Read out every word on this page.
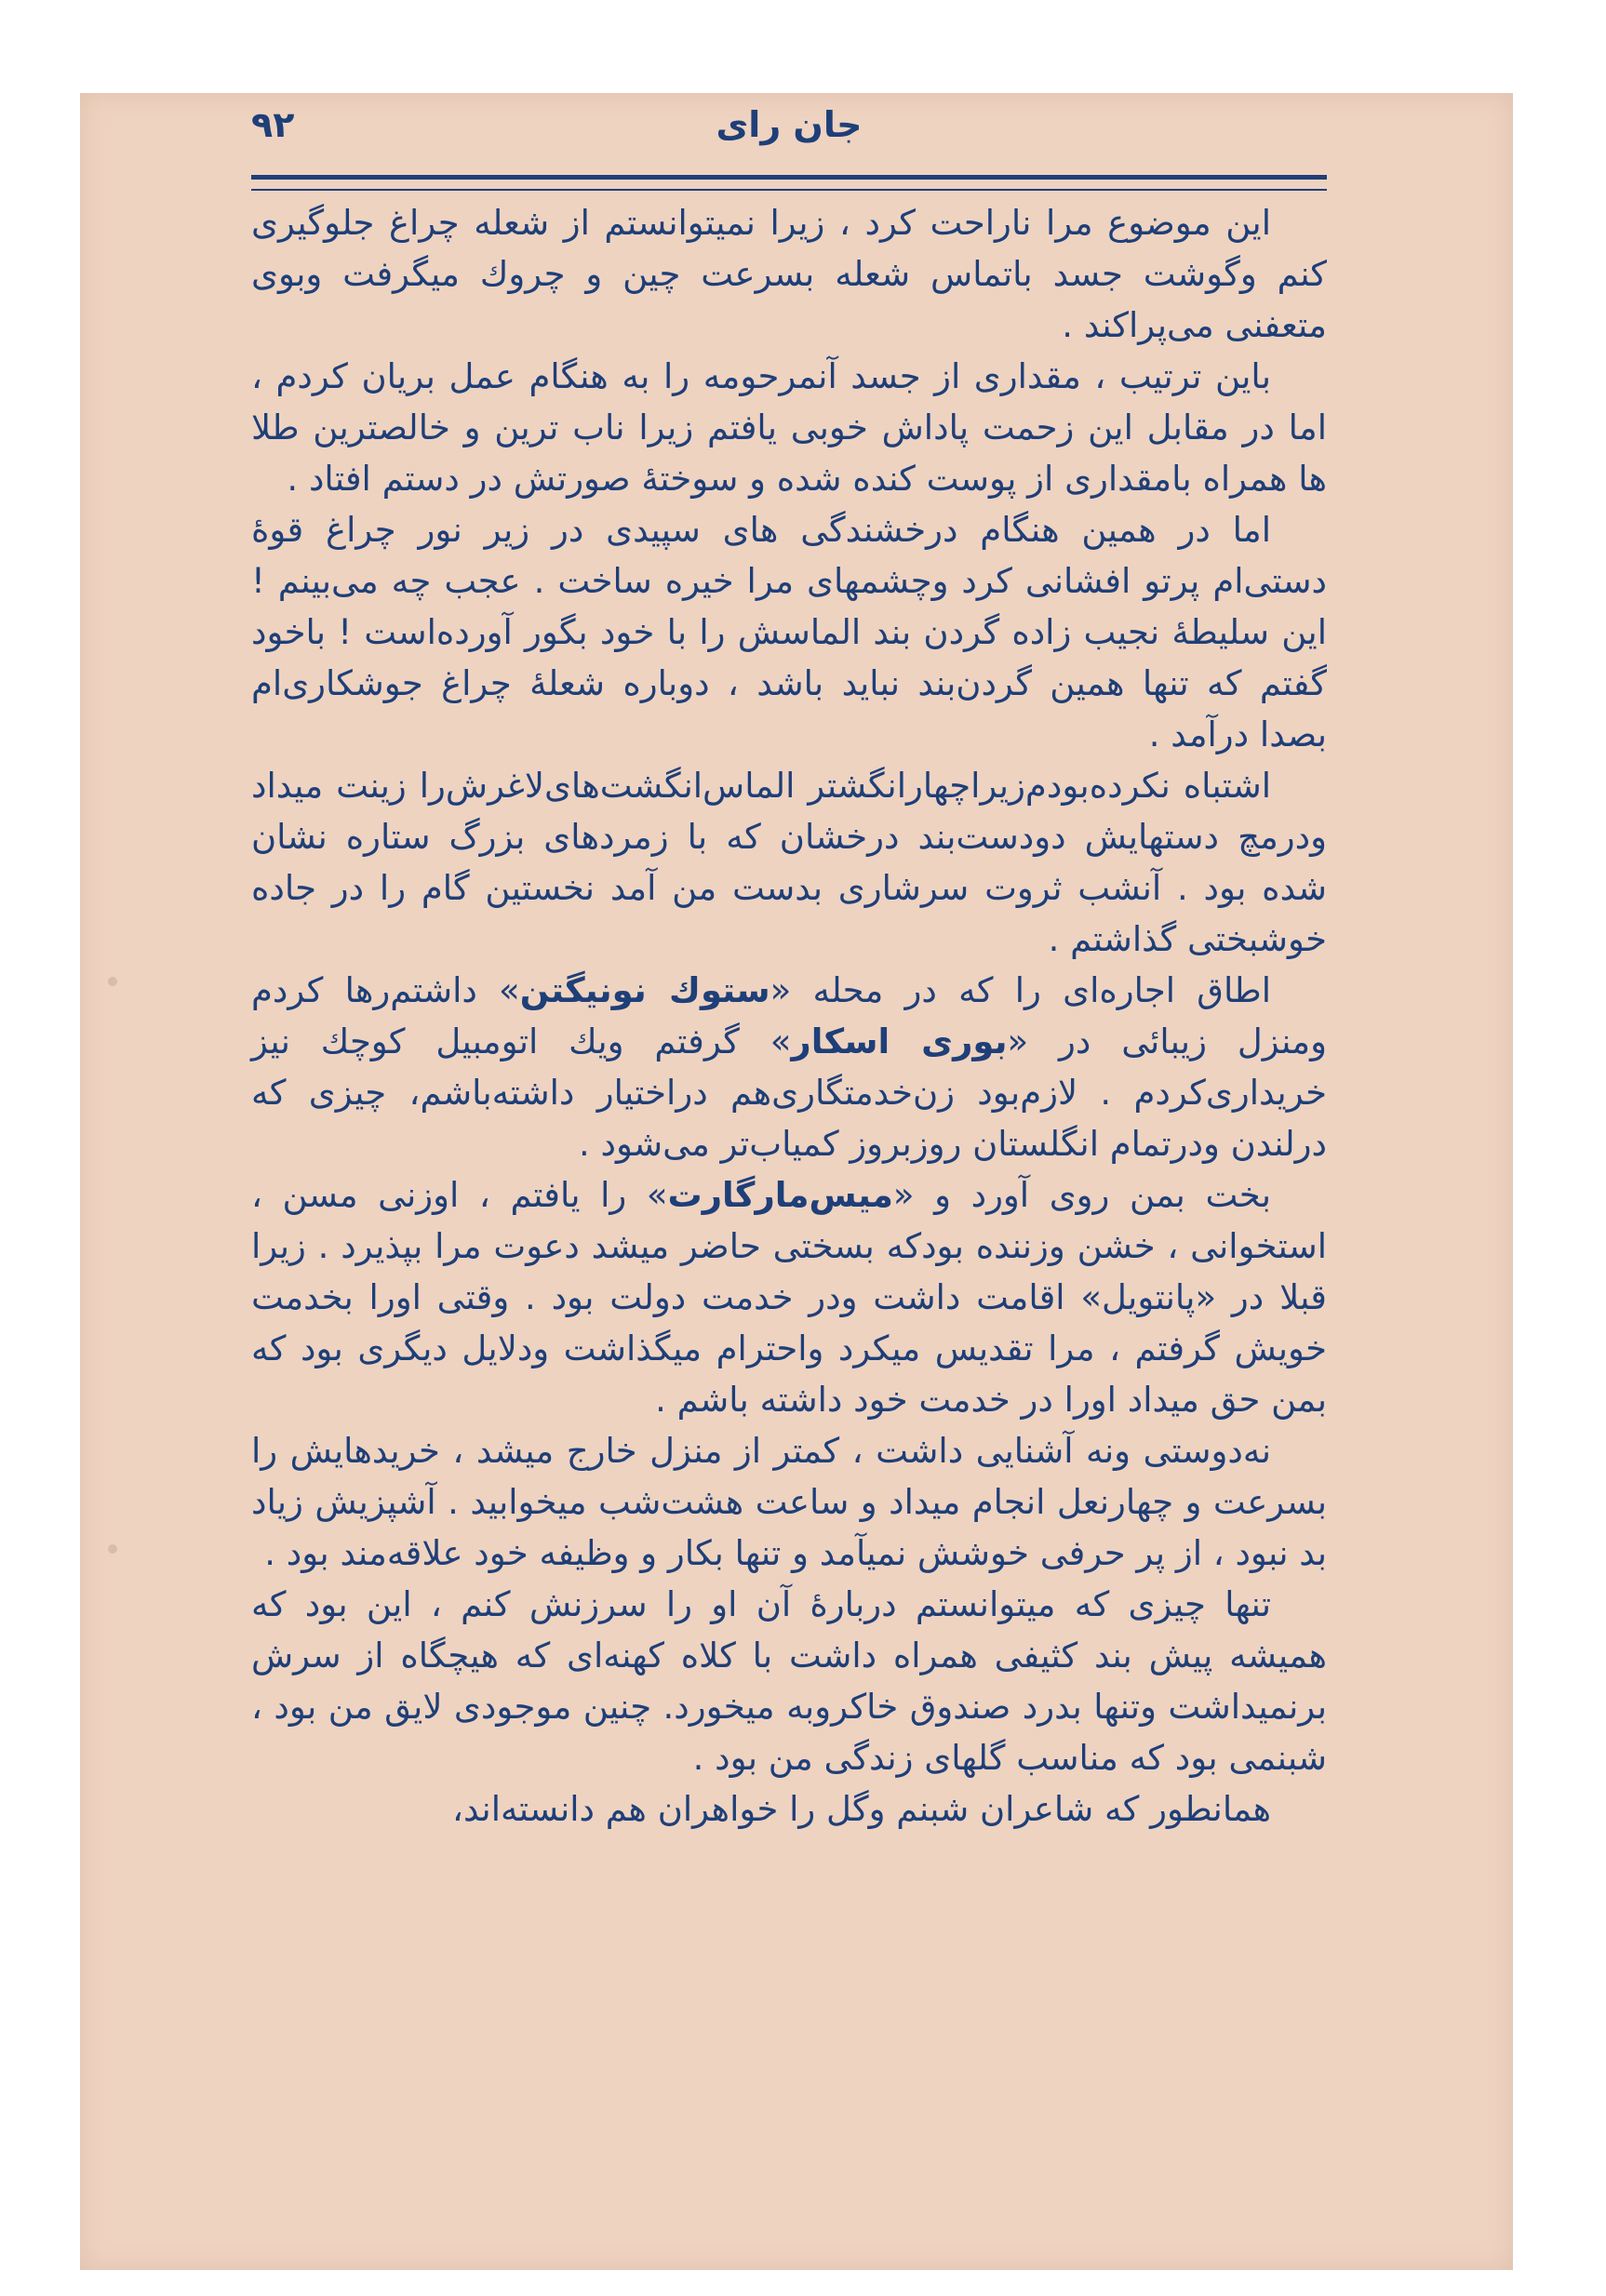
جان رای
۹۲

این موضوع مرا ناراحت کرد ، زیرا نمیتوانستم از شعله چراغ جلوگیری کنم وگوشت جسد باتماس شعله بسرعت چین و چروك میگرفت وبوی متعفنی می‌پراکند .

باین ترتیب ، مقداری از جسد آنمرحومه را به هنگام عمل بریان کردم ، اما در مقابل این زحمت پاداش خوبی یافتم زیرا ناب ترین و خالصترین طلا ها همراه بامقداری از پوست کنده شده و سوختهٔ صورتش در دستم افتاد .

اما در همین هنگام درخشندگی های سپیدی در زیر نور چراغ قوهٔ دستی‌ام پرتو افشانی کرد وچشمهای مرا خیره ساخت . عجب چه می‌بینم ! این سلیطهٔ نجیب زاده گردن بند الماسش را با خود بگور آورده‌است ! باخود گفتم که تنها همین گردن‌بند نباید باشد ، دوباره شعلهٔ چراغ جوشکاری‌ام بصدا درآمد .

اشتباه نکرده‌بودم‌زیراچهارانگشتر الماس‌انگشت‌های‌لاغرش‌را زینت میداد ودرمچ دستهایش دودست‌بند درخشان که با زمردهای بزرگ ستاره نشان شده بود . آنشب ثروت سرشاری بدست من آمد نخستین گام را در جاده خوشبختی گذاشتم .

اطاق اجاره‌ای را که در محله «ستوك نونیگتن» داشتم‌رها کردم ومنزل زیبائی در «بوری اسکار» گرفتم ویك اتومبیل کوچك نیز خریداری‌کردم . لازم‌بود زن‌خدمتگاری‌هم دراختیار داشته‌باشم، چیزی که درلندن ودرتمام انگلستان روزبروز کمیاب‌تر می‌شود .

بخت بمن روی آورد و «میس‌مارگارت» را یافتم ، اوزنی مسن ، استخوانی ، خشن وزننده بودکه بسختی حاضر میشد دعوت مرا بپذیرد . زیرا قبلا در «پانتویل» اقامت داشت ودر خدمت دولت بود . وقتی اورا بخدمت خویش گرفتم ، مرا تقدیس میکرد واحترام میگذاشت ودلایل دیگری بود که بمن حق میداد اورا در خدمت خود داشته باشم .

نه‌دوستی ونه آشنایی داشت ، کمتر از منزل خارج میشد ، خریدهایش را بسرعت و چهارنعل انجام میداد و ساعت هشت‌شب میخوابید . آشپزیش زیاد بد نبود ، از پر حرفی خوشش نمیآمد و تنها بکار و وظیفه خود علاقه‌مند بود .

تنها چیزی که میتوانستم دربارهٔ آن او را سرزنش کنم ، این بود که همیشه پیش بند کثیفی همراه داشت با کلاه کهنه‌ای که هیچگاه از سرش برنمیداشت وتنها بدرد صندوق خاکروبه میخورد. چنین موجودی لایق من بود ، شبنمی بود که مناسب گلهای زندگی من بود .

همانطور که شاعران شبنم وگل را خواهران هم دانسته‌اند،
